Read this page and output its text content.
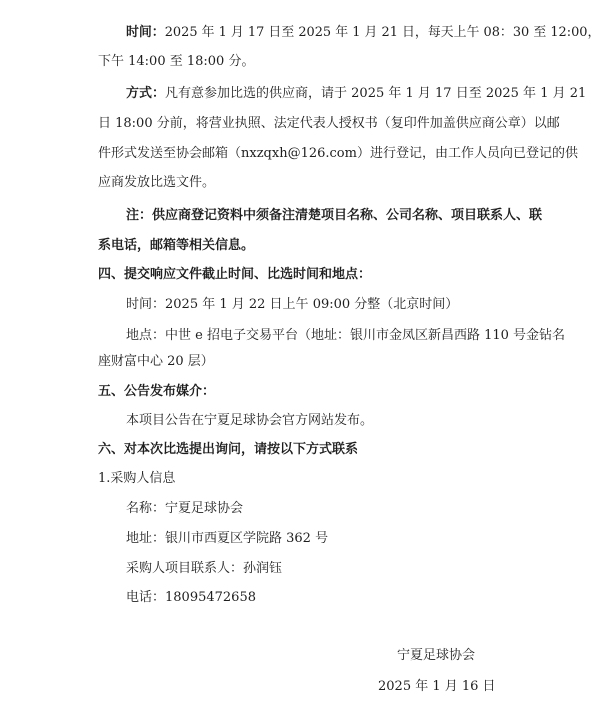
时间：2025 年 1 月 17 日至 2025 年 1 月 21 日，每天上午 08：30 至 12:00，
下午 14:00 至 18:00 分。
方式：凡有意参加比选的供应商，请于 2025 年 1 月 17 日至 2025 年 1 月 21
日 18:00 分前，将营业执照、法定代表人授权书（复印件加盖供应商公章）以邮
件形式发送至协会邮箱（nxzqxh@126.com）进行登记，由工作人员向已登记的供
应商发放比选文件。
注：供应商登记资料中须备注清楚项目名称、公司名称、项目联系人、联
系电话，邮箱等相关信息。
四、提交响应文件截止时间、比选时间和地点：
时间：2025 年 1 月 22 日上午 09:00 分整（北京时间）
地点：中世 e 招电子交易平台（地址：银川市金凤区新昌西路 110 号金钻名
座财富中心 20 层）
五、公告发布媒介：
本项目公告在宁夏足球协会官方网站发布。
六、对本次比选提出询问，请按以下方式联系
1.采购人信息
名称：宁夏足球协会
地址：银川市西夏区学院路 362 号
采购人项目联系人：孙润钰
电话：18095472658
宁夏足球协会
2025 年 1 月 16 日
